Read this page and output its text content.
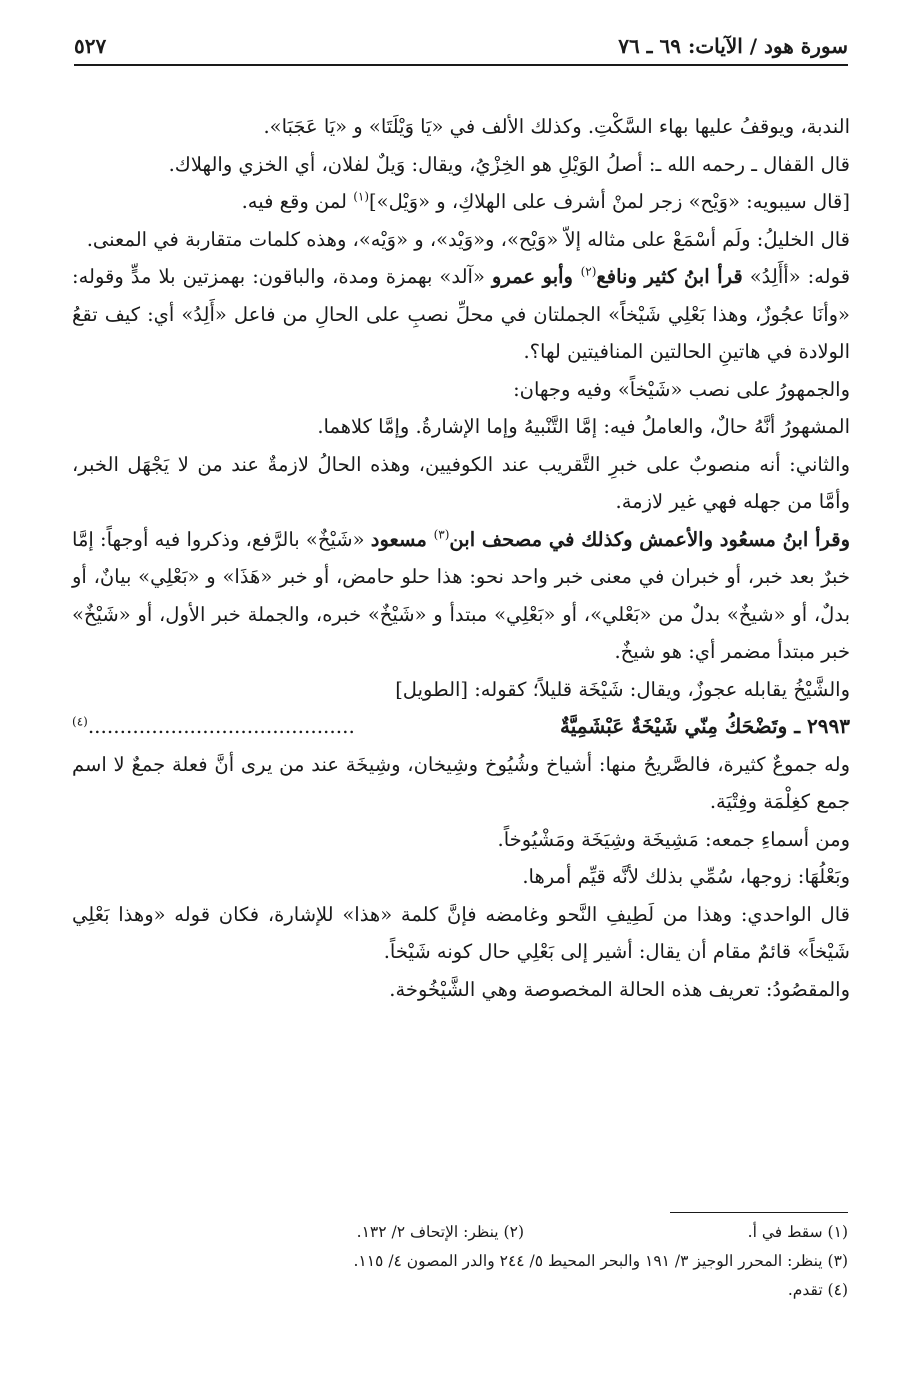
سورة هود / الآيات: ٦٩ ـ ٧٦
٥٢٧

الندبة، ويوقفُ عليها بهاء السَّكْتِ. وكذلك الألف في «يَا وَيْلَتَا» و «يَا عَجَبَا».

قال القفال ـ رحمه الله ـ: أصلُ الوَيْلِ هو الخِزْيُ، ويقال: وَيلٌ لفلان، أي الخزي والهلاك.

[قال سيبويه: «وَيْح» زجر لمنْ أشرف على الهلاكِ، و «وَيْل»]$^{(١)}$ لمن وقع فيه.

قال الخليلُ: ولَم أسْمَعْ على مثاله إلاّ «وَيْح»، و«وَيْد»، و «وَيْه»، وهذه كلمات متقاربة في المعنى.

قوله: «أأَلِدُ» قرأ ابنُ كثير ونافع$^{(٢)}$ وأبو عمرو «آلد» بهمزة ومدة، والباقون: بهمزتين بلا مدٍّ وقوله: «وأنَا عجُوزٌ، وهذا بَعْلِي شَيْخاً» الجملتان في محلِّ نصبِ على الحالِ من فاعل «أَلِدُ» أي: كيف تقعُ الولادة في هاتينِ الحالتين المنافيتين لها؟.

والجمهورُ على نصب «شَيْخاً» وفيه وجهان:

المشهورُ أنَّهُ حالٌ، والعاملُ فيه: إمَّا التَّنْبيهُ وإما الإشارةُ. وإمَّا كلاهما.

والثاني: أنه منصوبٌ على خبرِ التَّقريب عند الكوفيين، وهذه الحالُ لازمةٌ عند من لا يَجْهَل الخبر، وأمَّا من جهله فهي غير لازمة.

وقرأ ابنُ مسعُود والأعمش وكذلك في مصحف ابن$^{(٣)}$ مسعود «شَيْخٌ» بالرَّفع، وذكروا فيه أوجهاً: إمَّا خبرٌ بعد خبر، أو خبران في معنى خبر واحد نحو: هذا حلو حامض، أو خبر «هَذَا» و «بَعْلِي» بيانٌ، أو بدلٌ، أو «شيخٌ» بدلٌ من «بَعْلي»، أو «بَعْلِي» مبتدأ و «شَيْخٌ» خبره، والجملة خبر الأول، أو «شَيْخٌ» خبر مبتدأ مضمر أي: هو شيخٌ.

والشَّيْخُ يقابله عجوزٌ، ويقال: شَيْخَة قليلاً؛ كقوله: [الطويل]

٢٩٩٣ ـ وتَضْحَكُ مِنّي شَيْخَةٌ عَبْشَمِيَّةٌ
..........................................$^{(٤)}$

وله جموعٌ كثيرة، فالصَّريحُ منها: أشياخ وشُيُوخ وشِيخان، وشِيخَة عند من يرى أنَّ فعلة جمعٌ لا اسم جمع كغِلْمَة وفِتْيَة.

ومن أسماءِ جمعه: مَشِيخَة وشِيَخَة ومَشْيُوخاً.

وبَعْلُهَا: زوجها، سُمِّي بذلك لأنَّه قيِّم أمرها.

قال الواحدي: وهذا من لَطِيفِ النَّحو وغامضه فإنَّ كلمة «هذا» للإشارة، فكان قوله «وهذا بَعْلِي شَيْخاً» قائمٌ مقام أن يقال: أشير إلى بَعْلِي حال كونه شَيْخاً.

والمقصُودُ: تعريف هذه الحالة المخصوصة وهي الشَّيْخُوخة.

(١) سقط في أ.
(٢) ينظر: الإتحاف ٢/ ١٣٢.
(٣) ينظر: المحرر الوجيز ٣/ ١٩١ والبحر المحيط ٥/ ٢٤٤ والدر المصون ٤/ ١١٥.
(٤) تقدم.
